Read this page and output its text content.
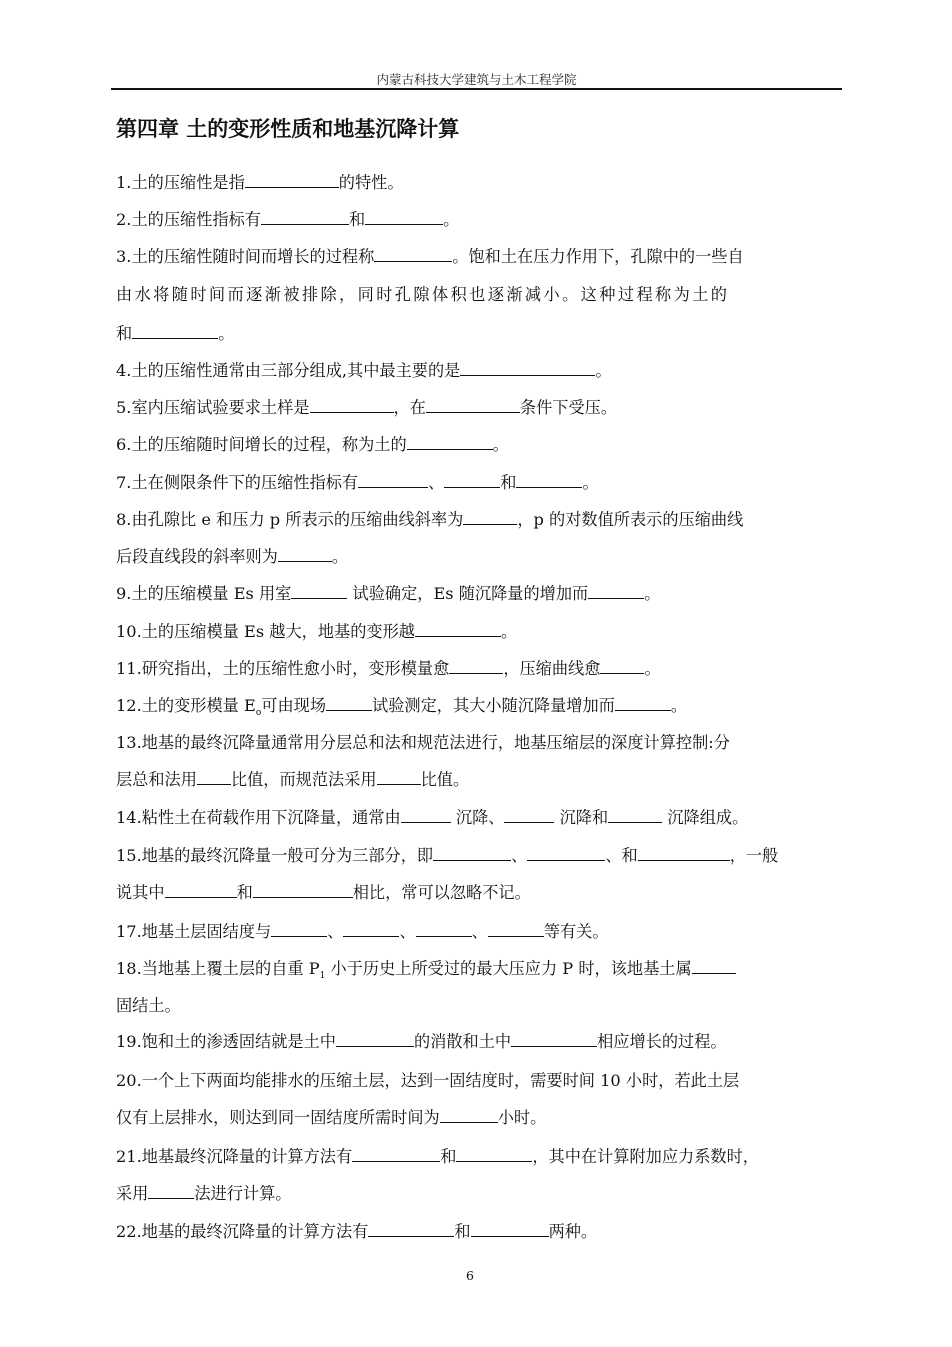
内蒙古科技大学建筑与土木工程学院
第四章 土的变形性质和地基沉降计算
1.土的压缩性是指	的特性。
2.土的压缩性指标有	和	。
3.土的压缩性随时间而增长的过程称	。饱和土在压力作用下，孔隙中的一些自
由水将随时间而逐渐被排除，同时孔隙体积也逐渐减小。这种过程称为土的
和	。
4.土的压缩性通常由三部分组成,其中最主要的是	。
5.室内压缩试验要求土样是	，在	条件下受压。
6.土的压缩随时间增长的过程，称为土的	。
7.土在侧限条件下的压缩性指标有	、	和	。
8.由孔隙比 e 和压力 p 所表示的压缩曲线斜率为	，p 的对数值所表示的压缩曲线
后段直线段的斜率则为	。
9.土的压缩模量 Es 用室	试验确定，Es 随沉降量的增加而	。
10.土的压缩模量 Es 越大，地基的变形越	。
11.研究指出，土的压缩性愈小时，变形模量愈	，压缩曲线愈	。
12.土的变形模量 $E_o$可由现场	试验测定，其大小随沉降量增加而	。
13.地基的最终沉降量通常用分层总和法和规范法进行，地基压缩层的深度计算控制:分
层总和法用 比值，而规范法采用	比值。
14.粘性土在荷载作用下沉降量，通常由	沉降、	沉降和	沉降组成。
15.地基的最终沉降量一般可分为三部分，即	、	、和	，一般
说其中	和	相比，常可以忽略不记。
17.地基土层固结度与	、	、	、	等有关。
18.当地基上覆土层的自重 $P_1$ 小于历史上所受过的最大压应力 P 时，该地基土属
固结土。
19.饱和土的渗透固结就是土中	的消散和土中	相应增长的过程。
20.一个上下两面均能排水的压缩土层，达到一固结度时，需要时间 10 小时，若此土层
仅有上层排水，则达到同一固结度所需时间为	小时。
21.地基最终沉降量的计算方法有	和	，其中在计算附加应力系数时，
采用	法进行计算。
22.地基的最终沉降量的计算方法有	和	两种。
6
